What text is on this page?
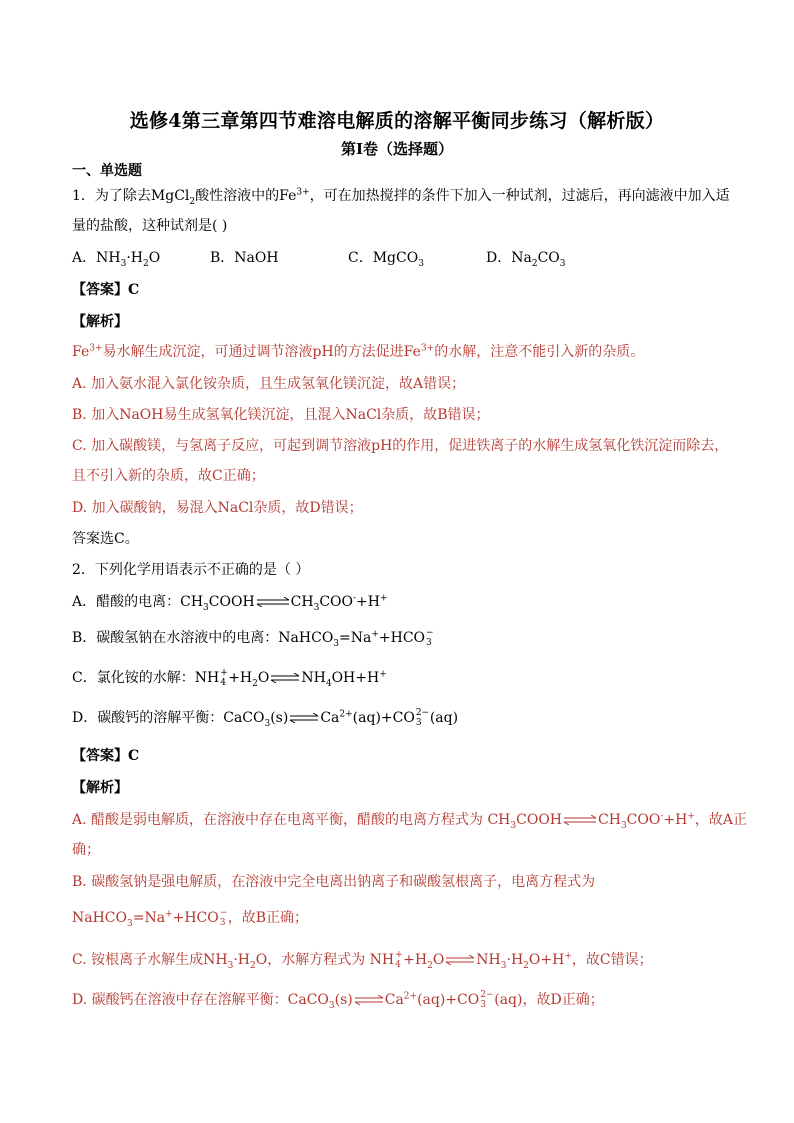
选修4第三章第四节难溶电解质的溶解平衡同步练习（解析版）
第I卷（选择题）
一、单选题
1．为了除去MgCl$_2$酸性溶液中的$Fe^{3+}$，可在加热搅拌的条件下加入一种试剂，过滤后，再向滤液中加入适
量的盐酸，这种试剂是( )
A．$NH_3\cdot H_2O$	B．NaOH	C．MgCO$_3$	D．$Na_2CO_3$
【答案】C
【解析】
$Fe^{3+}$易水解生成沉淀，可通过调节溶液pH的方法促进$Fe^{3+}$的水解，注意不能引入新的杂质。
A. 加入氨水混入氯化铵杂质，且生成氢氧化镁沉淀，故A错误；
B. 加入NaOH易生成氢氧化镁沉淀，且混入NaCl杂质，故B错误；
C. 加入碳酸镁，与氢离子反应，可起到调节溶液pH的作用，促进铁离子的水解生成氢氧化铁沉淀而除去，
且不引入新的杂质，故C正确；
D. 加入碳酸钠，易混入NaCl杂质，故D错误；
答案选C。
2．下列化学用语表示不正确的是（ ）
A．醋酸的电离：$CH_3COOH\rightleftharpoons CH_3COO^-+H^+$
B．碳酸氢钠在水溶液中的电离：NaHCO$_3$=Na++HCO −
3
C．氯化铵的水解：NH +
$4 +H_2O\rightleftharpoons NH_4OH+H^+$
D．碳酸钙的溶解平衡：$CaCO_3(s)\rightleftharpoons Ca^{2+}(aq)+CO$ 2−
3 (aq)
【答案】C
【解析】
A. 醋酸是弱电解质，在溶液中存在电离平衡，醋酸的电离方程式为 $CH_3COOH\rightleftharpoons CH_3COO^-+H^+$，故A正
确；
B. 碳酸氢钠是强电解质，在溶液中完全电离出钠离子和碳酸氢根离子，电离方程式为
NaHCO$_3$=Na++HCO −
3 ，故B正确；
C. 铵根离子水解生成$NH_3\cdot H_2O$，水解方程式为 NH +
$4 +H_2O\rightleftharpoons NH_3\cdot H_2O+H^+$，故C错误；
D. 碳酸钙在溶液中存在溶解平衡：$CaCO_3(s)\rightleftharpoons Ca^{2+}(aq)+CO$ 2−
3 (aq)，故D正确；
